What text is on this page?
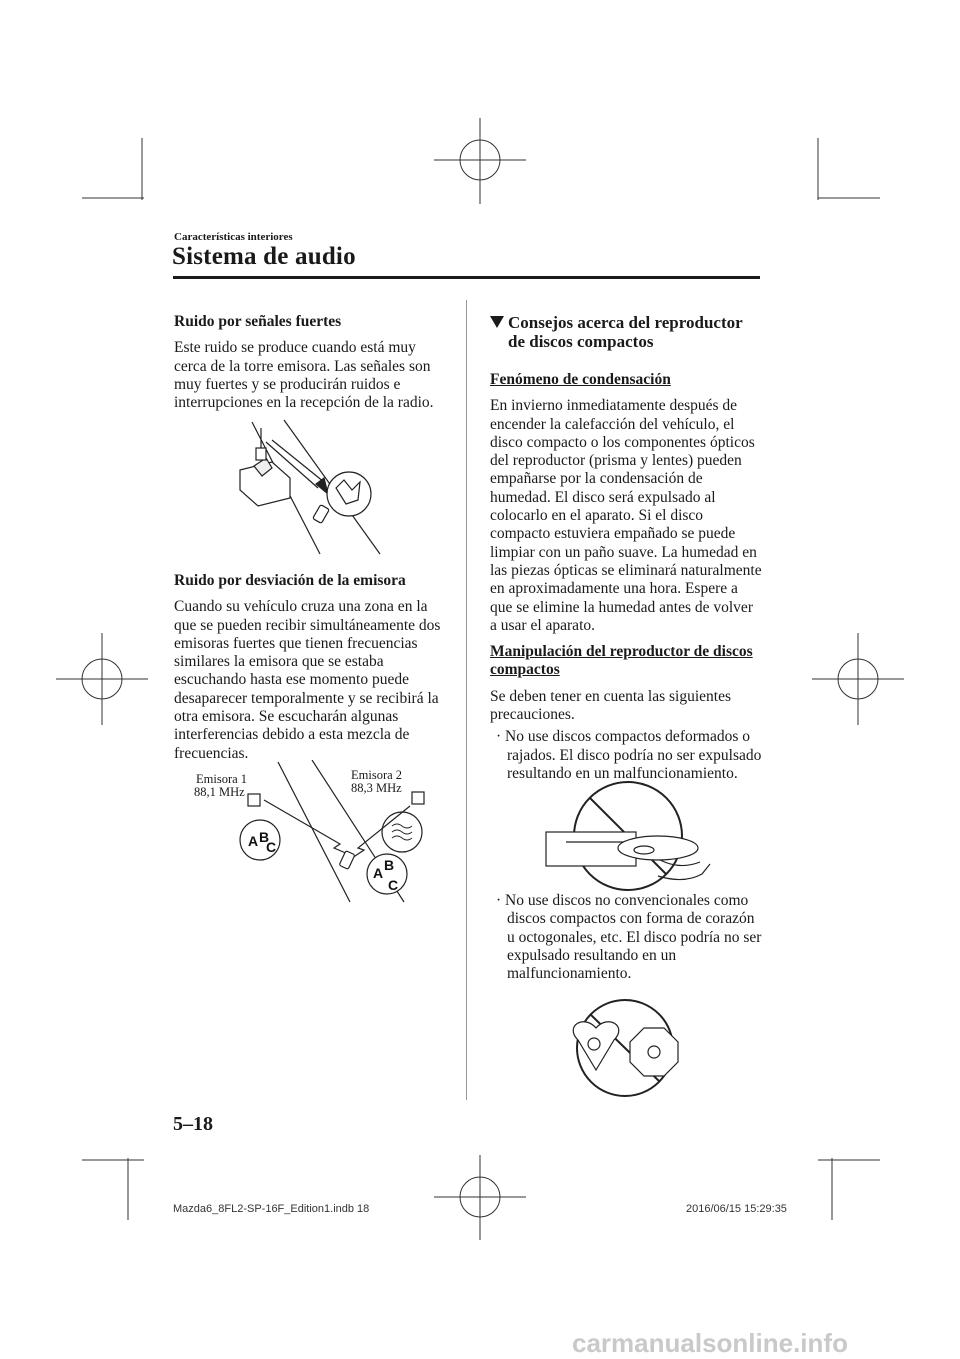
Características interiores
Sistema de audio

Ruido por señales fuertes

Este ruido se produce cuando está muy cerca de la torre emisora. Las señales son muy fuertes y se producirán ruidos e interrupciones en la recepción de la radio.

Ruido por desviación de la emisora

Cuando su vehículo cruza una zona en la que se pueden recibir simultáneamente dos emisoras fuertes que tienen frecuencias similares la emisora que se estaba escuchando hasta ese momento puede desaparecer temporalmente y se recibirá la otra emisora. Se escucharán algunas interferencias debido a esta mezcla de frecuencias.

Emisora 1
88,1 MHz
Emisora 2
88,3 MHz
A B
C
A B
C
Consejos acerca del reproductor de discos compactos

Fenómeno de condensación

En invierno inmediatamente después de encender la calefacción del vehículo, el disco compacto o los componentes ópticos del reproductor (prisma y lentes) pueden empañarse por la condensación de humedad. El disco será expulsado al colocarlo en el aparato. Si el disco compacto estuviera empañado se puede limpiar con un paño suave. La humedad en las piezas ópticas se eliminará naturalmente en aproximadamente una hora. Espere a que se elimine la humedad antes de volver a usar el aparato.

Manipulación del reproductor de discos compactos

Se deben tener en cuenta las siguientes precauciones.

· No use discos compactos deformados o rajados. El disco podría no ser expulsado resultando en un malfuncionamiento.

· No use discos no convencionales como discos compactos con forma de corazón u octogonales, etc. El disco podría no ser expulsado resultando en un malfuncionamiento.

5–18
Mazda6_8FL2-SP-16F_Edition1.indb 18	2016/06/15 15:29:35
carmanualsonline.info
